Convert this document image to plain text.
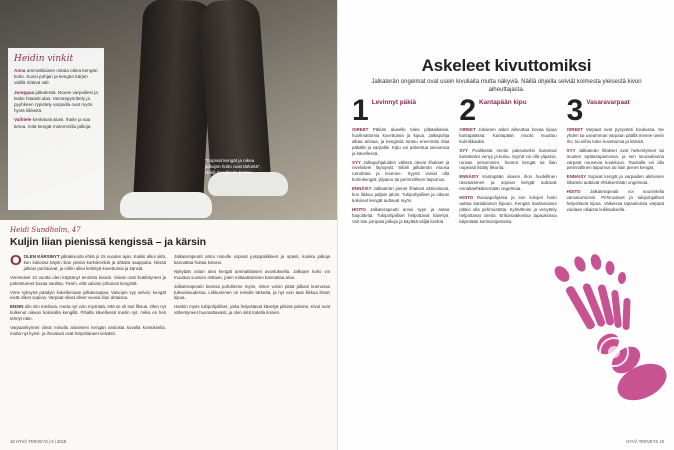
Heidin vinkit

Anna ammattilaisen mitata oikea kengän koko. Suosi pohjan ja kengän kärjen välillä riittävä väli.

Jumppaa jalkaterää. Nouse varpaillesi ja laske hitaasti alas. Varvaspyörittely ja pyyhkeen rypistely varpailla ovat myös hyviä liikkeitä.

Vaihtele kenkävarustasi. Ihaile ja saa tietoa, mitä kengät molemmilla jalkoja.

"Sopivat kengät ja oikea jalkojen hoito ovat tärkeitä", Heidi Sundholm kertoo.
Heidi Sundholm, 47
Kuljin liian pienissä kengissä – ja kärsin

OOLEN KÄRSINYT jalkakivusta ehkä jo 15 vuoden ajan. Kaikki alkoi siitä, kun lukiossa käytin liian pieniä korkokenkiä ja ahtaita saappaita. Niissä jalkani puristuivat, ja niihin alkoi kehittyä kovettumia ja känsiä.

Vimmeiset 10 vuotta olen käyttänyt tennistä kivasti. Vaivat ovat lisääntyneet ja pahentuneet kovaa vauhtia. Tiesin, että vaivani johtuivat kengistä.

Vime syksynä päädyin kokeilemaan jalkaterapiaa. Vaivojen syy selvisi: kengät eivät olleet sopivia. Varpaat olivat olleet vuosia liian ahtaissa.

ENSIN olin niin mielissä, mutta nyt voin myöntää, että se oli tosi fiksua. Olen nyt kulkenut oikean kokoisilla kengillä. Pihalla kävellessä mietin nyt, miksi en heti tehnyt näin.

Varpaankynnet olivat minulla ainaiseen kengän ansiosta kovalla koetuksella, mutta nyt kynsi- ja ihovaivat ovat helpottaneet selvästi.

Jalkaterapeutti antoi minulle sopivat jumppaliikkeet ja opasti, kuinka jalkoja kannattaa hoitaa kotona.

Nykyään ostan aina kengät ammattilaisen avustuksella. Jalkojen koko voi muuttua vuosien mittaan, joten mittauttaminen kannattaa aina.

Jalkaterapeutin kanssa pohdimme myös, miten voisin pitää jalkani kunnossa tulevaisuudessa. Liikkuminen on minulle tärkeää, ja nyt voin taas liikkua ilman kipua.

Hankin myös tukipohjalliset, jotka helpottavat kävelyä pitkinä päivinä. Kivut ovat vähentyneet huomattavasti, ja olen siitä todella iloinen.

18 HYVÄ TERVEYS | 6 | 2018
Askeleet kivuttomiksi
Jalkaterän ongelmat ovat usein kivuliaita mutta näkyviä. Näillä ohjeilla selviät kolmesta yleisestä kivun aiheuttajasta.
1 Levinnyt päkiä

OIREET Päkiän alueelle tulee pitkäaikaisia, huolimattomia kovettumia ja kipua. Jalkapohja alkaa aristaa, ja kengissä tuntuu enemmän tilaa päkälle ja varpaille. Kipu voi pahentua seisoessa ja kävellessä.

SYY Jalkapohjaluiden välissä olevat lihakset ja nivelsiteet löystyvät. Sikäli jalkaterän etuosa romahtaa ja levenee. Syynä voivat olla korkokengät, ylipaino tai perinnöllinen taipumus.

ENNÄISY Jalkaterän pienet lihakset aktivoituvat, kun liikkuu paljain jaloin. Tukipohjalliset ja oikean kokoiset kengät auttavat myös.

HOITO Jalkaterapeutti arvioi syyn ja antaa harjoitteita. Tukipohjalliset helpottavat kävelyä. Voit itse jumpata jalkoja ja käyttää väljiä kenkiä.

2 Kantapään kipu

OIREET Jokainen askel aiheuttaa kovaa kipua kantapäässä. Kantapään muoto muuttuu kulmikkaaksi.

SYY Puolikasta sentin paksuiseksi kasvanut kantakalvo venyy ja kuluu. Syynä voi olla ylipaino, runsas seisominen, huonot kengät tai liian nopeasti lisätty liikunta.

ENNÄISY Kantapään alueen ihon huolellinen rasvaaminen ja sopivat kengät auttavat ennaltaehkäisemään ongelmaa.

HOITO Ravaapohjassa ja sen kolojen hoito auttaa kantakalvon kipuun. Kengän kantaosassa pitäisi olla pehmustetta. Kylmähoito ja venyttely helpottavat oireita. Erikoisvaikeissa tapauksissa käytetään kortisonipistosta.

3 Vasaravarpaat

OIREET Varpaat ovat pysyvästi koukussa. Ne yhden tai useamman varpaan päällä menee usein iho, tai niihin tulee kovettumia ja känsiä.

SYY Jalkaterän lihakset ovat heikentyneet tai muuten epätasapainossa, ja sen seurauksena varpaat nousevat koukkuun. Taustalla voi olla perinnöllinen taipumus tai liian pienet kengät.

ENNÄISY Sopivat kengät ja varpaiden aktiivinen liikuttelu auttavat ehkäisemään ongelmaa.

HOITO Jalkaterapeutti voi suunnitella varvasortoosin. Pehmusteet ja tukipohjalliset helpottavat kipua. Vaikeissa tapauksissa varpaat voidaan oikaista leikkauksella.

HYVÄ TERVEYS 19
